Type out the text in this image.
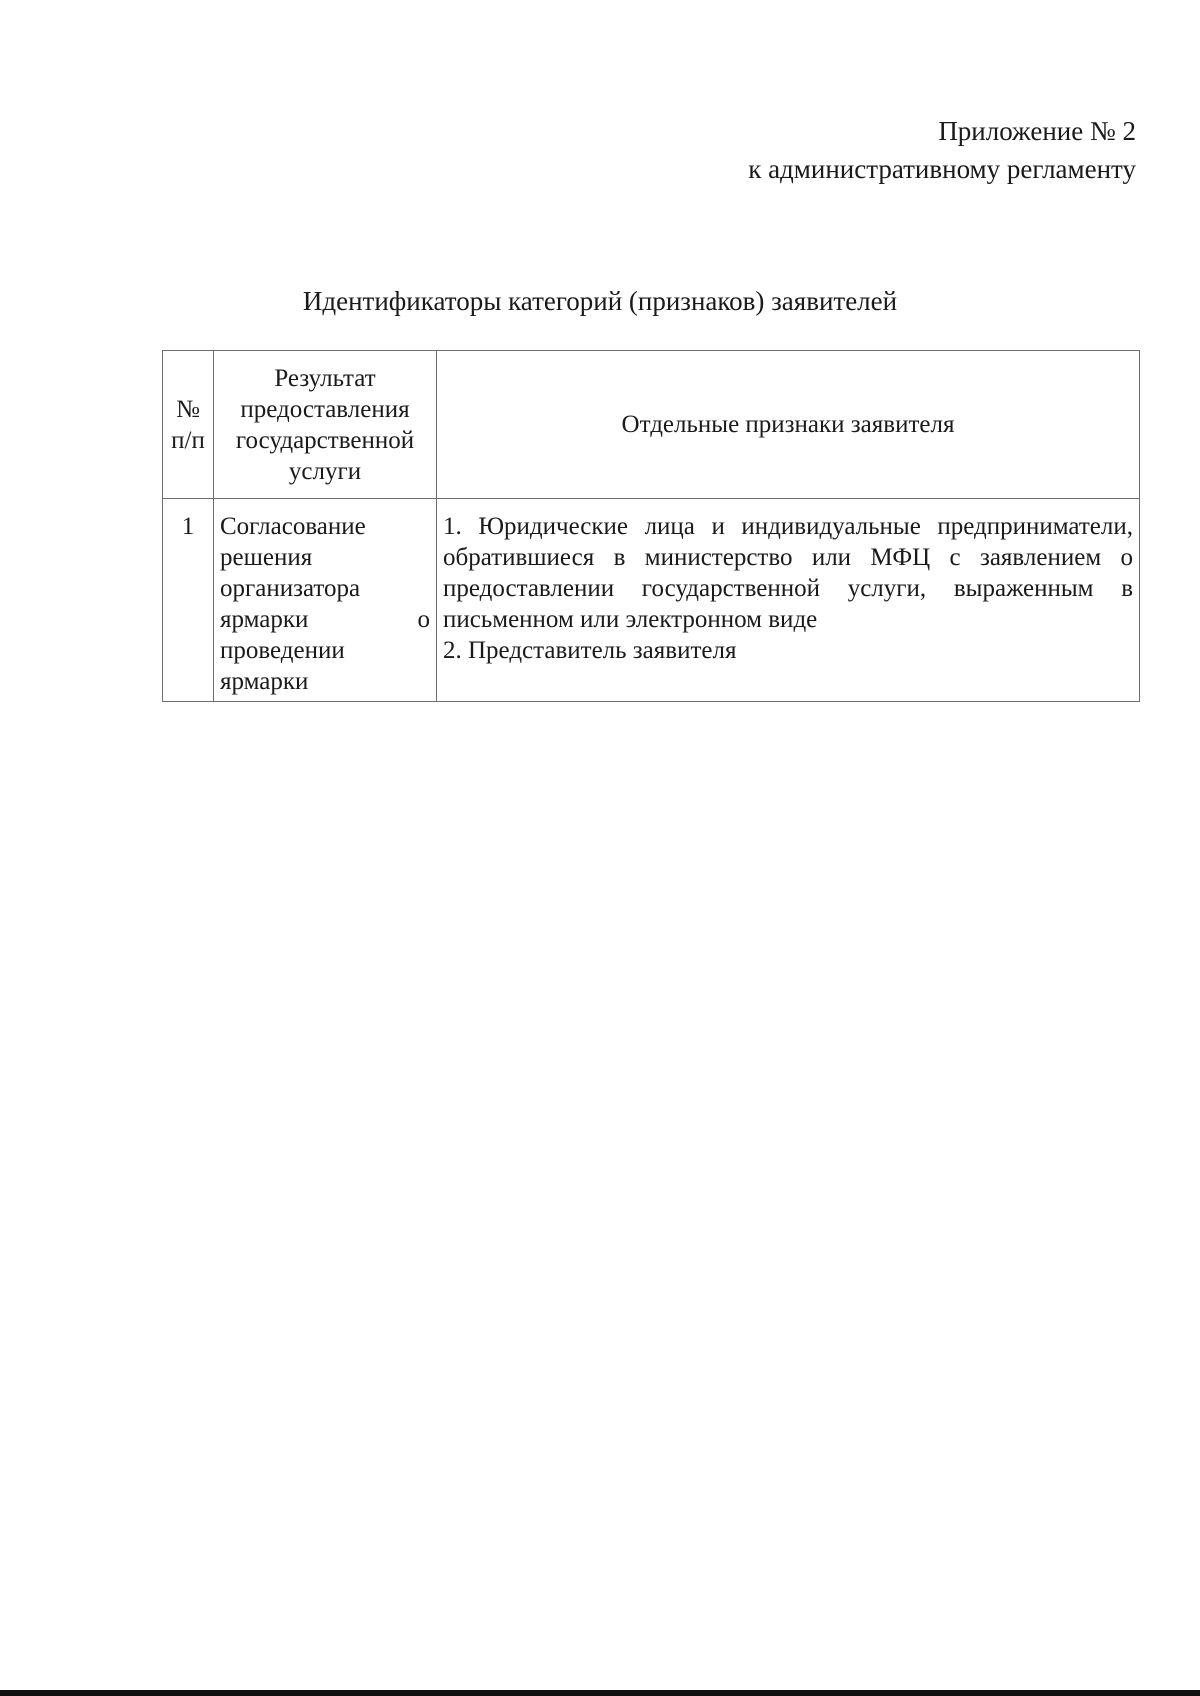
Приложение № 2
к административному регламенту
Идентификаторы категорий (признаков) заявителей
№ п/п	Результат предоставления государственной услуги	Отдельные признаки заявителя
1	Согласование решения организатора ярмарки о проведении ярмарки	1. Юридические лица и индивидуальные предприниматели, обратившиеся в министерство или МФЦ с заявлением о предоставлении государственной услуги, выраженным в письменном или электронном виде

2. Представитель заявителя
